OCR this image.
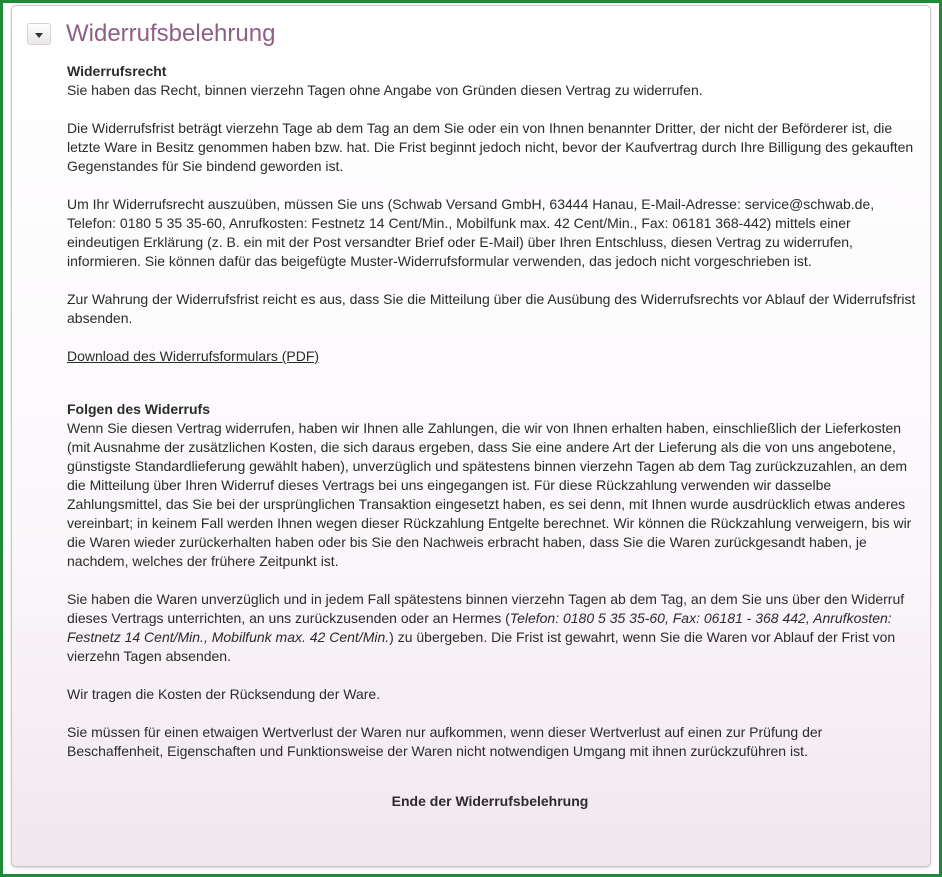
Widerrufsbelehrung

Widerrufsrecht

Sie haben das Recht, binnen vierzehn Tagen ohne Angabe von Gründen diesen Vertrag zu widerrufen.

Die Widerrufsfrist beträgt vierzehn Tage ab dem Tag an dem Sie oder ein von Ihnen benannter Dritter, der nicht der Beförderer ist, die letzte Ware in Besitz genommen haben bzw. hat. Die Frist beginnt jedoch nicht, bevor der Kaufvertrag durch Ihre Billigung des gekauften Gegenstandes für Sie bindend geworden ist.

Um Ihr Widerrufsrecht auszuüben, müssen Sie uns (Schwab Versand GmbH, 63444 Hanau, E-Mail-Adresse: service@schwab.de, Telefon: 0180 5 35 35-60, Anrufkosten: Festnetz 14 Cent/Min., Mobilfunk max. 42 Cent/Min., Fax: 06181 368-442) mittels einer eindeutigen Erklärung (z. B. ein mit der Post versandter Brief oder E-Mail) über Ihren Entschluss, diesen Vertrag zu widerrufen, informieren. Sie können dafür das beigefügte Muster-Widerrufsformular verwenden, das jedoch nicht vorgeschrieben ist.

Zur Wahrung der Widerrufsfrist reicht es aus, dass Sie die Mitteilung über die Ausübung des Widerrufsrechts vor Ablauf der Widerrufsfrist absenden.

Download des Widerrufsformulars (PDF)

Folgen des Widerrufs

Wenn Sie diesen Vertrag widerrufen, haben wir Ihnen alle Zahlungen, die wir von Ihnen erhalten haben, einschließlich der Lieferkosten (mit Ausnahme der zusätzlichen Kosten, die sich daraus ergeben, dass Sie eine andere Art der Lieferung als die von uns angebotene, günstigste Standardlieferung gewählt haben), unverzüglich und spätestens binnen vierzehn Tagen ab dem Tag zurückzuzahlen, an dem die Mitteilung über Ihren Widerruf dieses Vertrags bei uns eingegangen ist. Für diese Rückzahlung verwenden wir dasselbe Zahlungsmittel, das Sie bei der ursprünglichen Transaktion eingesetzt haben, es sei denn, mit Ihnen wurde ausdrücklich etwas anderes vereinbart; in keinem Fall werden Ihnen wegen dieser Rückzahlung Entgelte berechnet. Wir können die Rückzahlung verweigern, bis wir die Waren wieder zurückerhalten haben oder bis Sie den Nachweis erbracht haben, dass Sie die Waren zurückgesandt haben, je nachdem, welches der frühere Zeitpunkt ist.

Sie haben die Waren unverzüglich und in jedem Fall spätestens binnen vierzehn Tagen ab dem Tag, an dem Sie uns über den Widerruf dieses Vertrags unterrichten, an uns zurückzusenden oder an Hermes (Telefon: 0180 5 35 35-60, Fax: 06181 - 368 442, Anrufkosten: Festnetz 14 Cent/Min., Mobilfunk max. 42 Cent/Min.) zu übergeben. Die Frist ist gewahrt, wenn Sie die Waren vor Ablauf der Frist von vierzehn Tagen absenden.

Wir tragen die Kosten der Rücksendung der Ware.

Sie müssen für einen etwaigen Wertverlust der Waren nur aufkommen, wenn dieser Wertverlust auf einen zur Prüfung der Beschaffenheit, Eigenschaften und Funktionsweise der Waren nicht notwendigen Umgang mit ihnen zurückzuführen ist.

Ende der Widerrufsbelehrung
